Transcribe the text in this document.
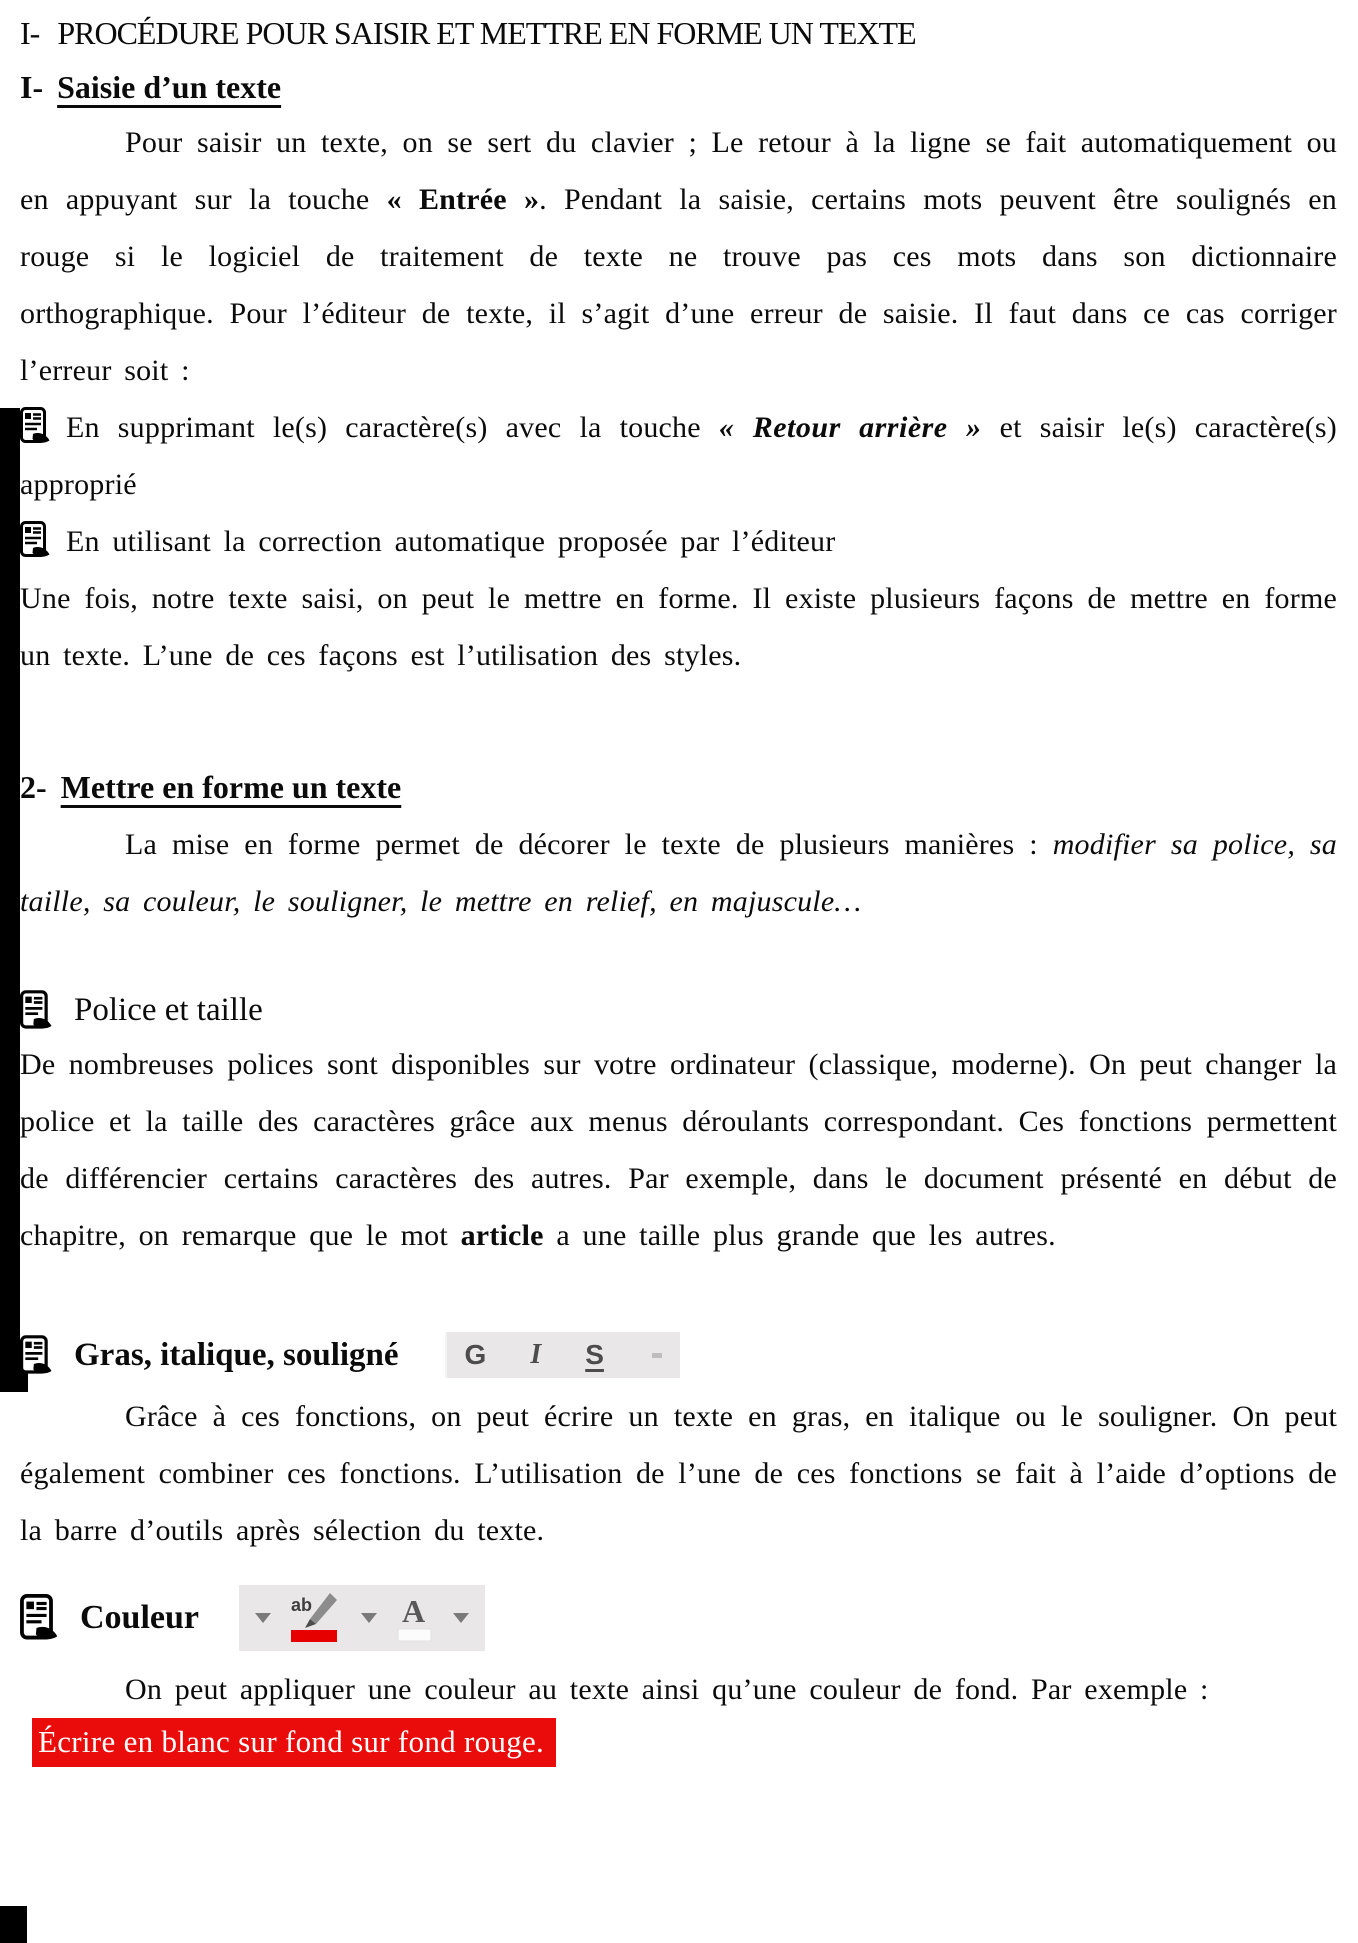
I- PROCÉDURE POUR SAISIR ET METTRE EN FORME UN TEXTE
I- Saisie d’un texte

Pour saisir un texte, on se sert du clavier ; Le retour à la ligne se fait automatiquement ou en appuyant sur la touche « Entrée ». Pendant la saisie, certains mots peuvent être soulignés en rouge si le logiciel de traitement de texte ne trouve pas ces mots dans son dictionnaire orthographique. Pour l’éditeur de texte, il s’agit d’une erreur de saisie. Il faut dans ce cas corriger l’erreur soit :

En supprimant le(s) caractère(s) avec la touche « Retour arrière » et saisir le(s) caractère(s) approprié
En utilisant la correction automatique proposée par l’éditeur

Une fois, notre texte saisi, on peut le mettre en forme. Il existe plusieurs façons de mettre en forme un texte. L’une de ces façons est l’utilisation des styles.

2- Mettre en forme un texte

La mise en forme permet de décorer le texte de plusieurs manières : modifier sa police, sa taille, sa couleur, le souligner, le mettre en relief, en majuscule…

Police et taille

De nombreuses polices sont disponibles sur votre ordinateur (classique, moderne). On peut changer la police et la taille des caractères grâce aux menus déroulants correspondant. Ces fonctions permettent de différencier certains caractères des autres. Par exemple, dans le document présenté en début de chapitre, on remarque que le mot article a une taille plus grande que les autres.

Gras, italique, souligné G I S

Grâce à ces fonctions, on peut écrire un texte en gras, en italique ou le souligner. On peut également combiner ces fonctions. L’utilisation de l’une de ces fonctions se fait à l’aide d’options de la barre d’outils après sélection du texte.

Couleur	ab	A

On peut appliquer une couleur au texte ainsi qu’une couleur de fond. Par exemple :

Écrire en blanc sur fond sur fond rouge.
